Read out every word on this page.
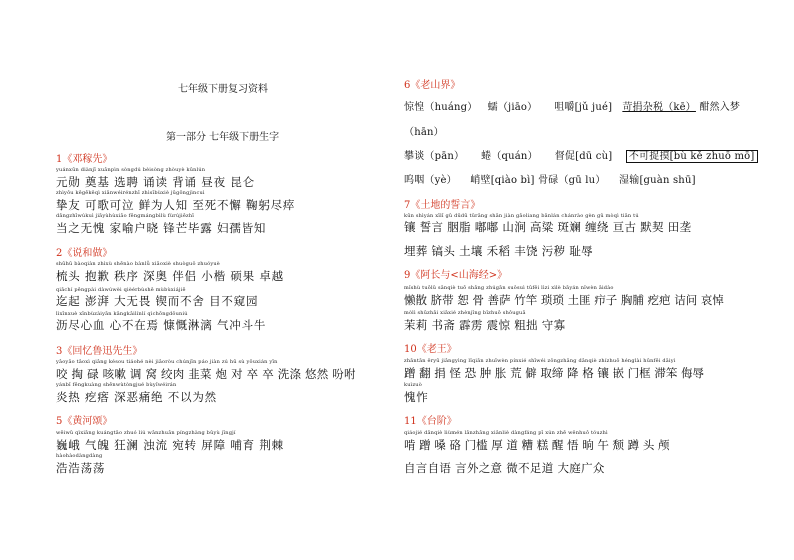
七年级下册复习资料
第一部分 七年级下册生字
1《邓稼先》
yuánxūn diànjī xuǎnpìn sòngdú bèisòng zhòuyè kūnlún
元勋 奠基 选聘 诵读 背诵 昼夜 昆仑
zhìyǒu kěgēkěqì xiānwéirénzhī zhìsǐbùxiè jūgōngjìncuì
挚友 可歌可泣 鲜为人知 至死不懈 鞠躬尽瘁
dāngzhīwúkuì jiāyùhùxiǎo fēngmángbìlù fùrújiēzhī
当之无愧 家喻户晓 锋芒毕露 妇孺皆知
2《说和做》
shūhū bàoqiàn zhìxù shēnào bànlǚ xiǎoxiè shuòguǒ zhuóyuè
梳头 抱歉 秩序 深奥 伴侣 小楷 硕果 卓越
qiāchí pēngpài dàwúwèi qièérbùshě mùbùxiájiē
迄起 澎湃 大无畏 锲而不舍 目不窥园
lìxīnxuè xīnbùzàiyān kāngkǎilínlí qìchōngdǒuniú
沥尽心血 心不在焉 慷慨淋漓 气冲斗牛
3《回忆鲁迅先生》
yǎoyǎo tāoxì qiǎng késou tiáohé nèi jiǎoròu chúnjīn páo jiàn zú hū sù yōuxián yīn
咬 掏 碌 咳嗽 调 窝 绞肉 韭菜 炮 对 卒 卒 洗涤 悠然 吩咐
yánbǐ fēngkuàng shēnwùtòngjué bùyǐwéirán
炎热 疙瘩 深恶痛绝 不以为然
5《黄河颂》
wēiwǔ qìxiāng kuángtāo zhuó liú wǎnzhuǎn píngzhàng bǔyù jīngjí
巍峨 气魄 狂澜 浊流 宛转 屏障 哺育 荆棘
hàohàodàngdàng
浩浩荡荡
6《老山界》
惊惶（huáng） 蠕（jiāo） 咀嚼[jǔ jué] 苛捐杂税（kē） 酣然入梦
（hān）
攀谈（pān） 蜷（quán） 督促[dū cù] 不可捉摸[bù kě zhuō mō]
呜咽（yè） 峭壁[qiào bì] 骨碌（gū lu） 湿输[guàn shū]
7《土地的誓言》
kūn shìyán xīlǐ gǔ dūdū tǔrǎng shān jiàn gāoliang bānlán chánrào gèn gǔ mòqì tiān tú
镶 誓言 胭脂 嘟嘟 山涧 高粱 斑斓 缠绕 亘古 默契 田垄
埋葬 镐头 土壤 禾稻 丰饶 污秽 耻辱
9《阿长与<山海经>》
mǐshù tuōlǔ sǎnqiè tuō shāng zhúgān suǒsuì tǔfěi lìzi xìlè bāyán nǐwèn āidào
懒散 脐带 恕 骨 善萨 竹竿 琐琐 土匪 疖子 胸脯 疙疤 诘问 哀悼
mòlì shūzhāi xiāxié zhènjǐng bǐzhuō shǒuguǎ
茉莉 书斋 霹雳 震惊 粗拙 守寡
10《老王》
zhāntān ěryū jiǎngyìng lǐqiān zhuīwèn pínxié shīwéi zǒngzhǎng dǎnqiè zhízhuō hénglài hūnfēi dǎiyì
蹭 翻 捐 怪 恐 肿 胀 荒 僻 取缔 降 格 镶 嵌 门框 滞笨 侮辱
kuìzuò
愧怍
11《台阶》
qiáojié dǎnqiè liùmén lǎnzhǎng xiānliè dàngfáng pī xún zhē wěnhuǒ tóuzhì
啃 蹭 嗓 硌 门槛 厚 道 糟 糕 醒 悟 晌 午 颓 蹲 头 颅
自言自语 言外之意 微不足道 大庭广众
